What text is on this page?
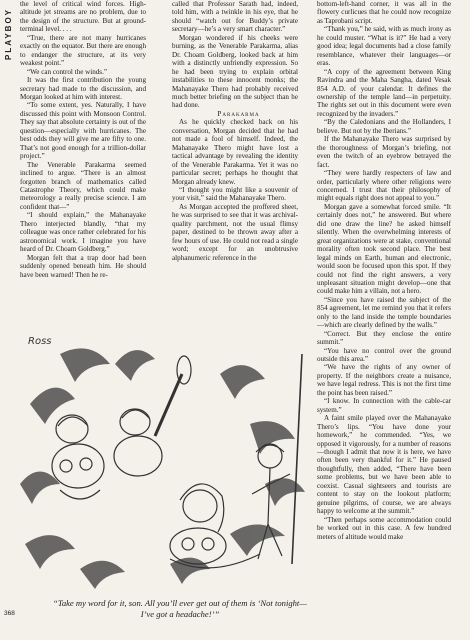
PLAYBOY

the level of critical wind forces. High-altitude jet streams are no problem, due to the design of the structure. But at ground-terminal level. . . .

“True, there are not many hurricanes exactly on the equator. But there are enough to endanger the structure, at its very weakest point.”

“We can control the winds.”

It was the first contribution the young secretary had made to the discussion, and Morgan looked at him with interest.

“To some extent, yes. Naturally, I have discussed this point with Monsoon Control. They say that absolute certainty is out of the question—especially with hurricanes. The best odds they will give me are fifty to one. That’s not good enough for a trillion-dollar project.”

The Venerable Parakarma seemed inclined to argue. “There is an almost forgotten branch of mathematics called Catastrophe Theory, which could make meteorology a really precise science. I am confident that—”

“I should explain,” the Mahanayake Thero interjected blandly, “that my colleague was once rather celebrated for his astronomical work. I imagine you have heard of Dr. Choam Goldberg.”

Morgan felt that a trap door had been suddenly opened beneath him. He should have been warned! Then he re-

called that Professor Sarath had, indeed, told him, with a twinkle in his eye, that he should “watch out for Buddy’s private secretary—he’s a very smart character.”

Morgan wondered if his cheeks were burning, as the Venerable Parakarma, alias Dr. Choam Goldberg, looked back at him with a distinctly unfriendly expression. So he had been trying to explain orbital instabilities to these innocent monks; the Mahanayake Thero had probably received much better briefing on the subject than he had done.

Parakarma

As he quickly checked back on his conversation, Morgan decided that he had not made a fool of himself. Indeed, the Mahanayake Thero might have lost a tactical advantage by revealing the identity of the Venerable Parakarma. Yet it was no particular secret; perhaps he thought that Morgan already knew.

“I thought you might like a souvenir of your visit,” said the Mahanayake Thero.

As Morgan accepted the proffered sheet, he was surprised to see that it was archival-quality parchment, not the usual flimsy paper, destined to be thrown away after a few hours of use. He could not read a single word; except for an unobtrusive alphanumeric reference in the

bottom-left-hand corner, it was all in the flowery curlicues that he could now recognize as Taprobani script.

“Thank you,” he said, with as much irony as he could muster. “What is it?” He had a very good idea; legal documents had a close family resemblance, whatever their languages—or eras.

“A copy of the agreement between King Ravindra and the Maha Sangha, dated Vesak 854 A.D. of your calendar. It defines the ownership of the temple land—in perpetuity. The rights set out in this document were even recognized by the invaders.”

“By the Caledonians and the Hollanders, I believe. But not by the Iberians.”

If the Mahanayake Thero was surprised by the thoroughness of Morgan’s briefing, not even the twitch of an eyebrow betrayed the fact.

“They were hardly respecters of law and order, particularly where other religions were concerned. I trust that their philosophy of might equals right does not appeal to you.”

Morgan gave a somewhat forced smile. “It certainly does not,” he answered. But where did one draw the line? he asked himself silently. When the overwhelming interests of great organizations were at stake, conventional morality often took second place. The best legal minds on Earth, human and electronic, would soon be focused upon this spot. If they could not find the right answers, a very unpleasant situation might develop—one that could make him a villain, not a hero.

“Since you have raised the subject of the 854 agreement, let me remind you that it refers only to the land inside the temple boundaries—which are clearly defined by the walls.”

“Correct. But they enclose the entire summit.”

“You have no control over the ground outside this area.”

“We have the rights of any owner of property. If the neighbors create a nuisance, we have legal redress. This is not the first time the point has been raised.”

“I know. In connection with the cable-car system.”

A faint smile played over the Mahanayake Thero’s lips. “You have done your homework,” he commended. “Yes, we opposed it vigorously, for a number of reasons—though I admit that now it is here, we have often been very thankful for it.” He paused thoughtfully, then added, “There have been some problems, but we have been able to coexist. Casual sightseers and tourists are content to stay on the lookout platform; genuine pilgrims, of course, we are always happy to welcome at the summit.”

“Then perhaps some accommodation could be worked out in this case. A few hundred meters of altitude would make

Ross
“Take my word for it, son. All you’ll ever get out of them is ‘Not tonight—I’ve got a headache!’”
368
